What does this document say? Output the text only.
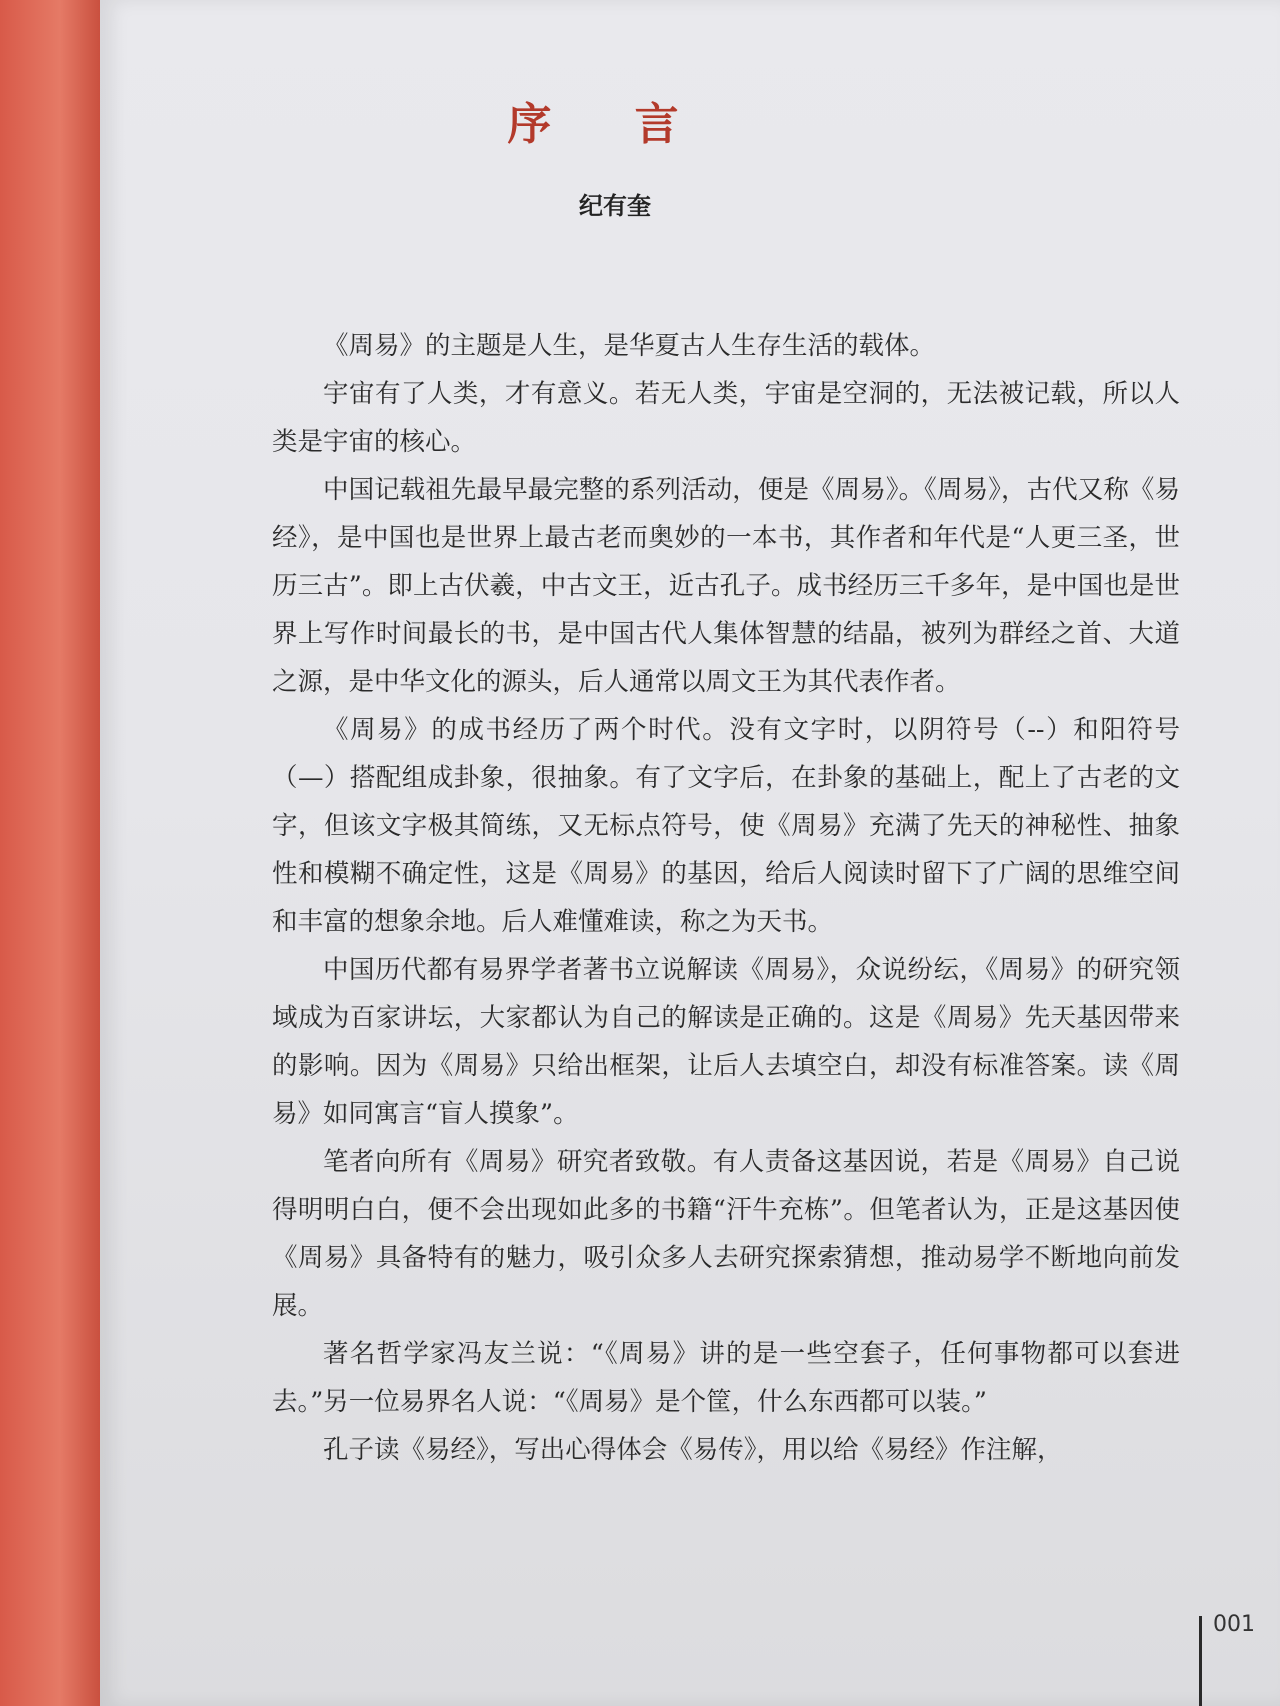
序 言
纪有奎

《周易》的主题是人生，是华夏古人生存生活的载体。

宇宙有了人类，才有意义。若无人类，宇宙是空洞的，无法被记载，所以人类是宇宙的核心。

中国记载祖先最早最完整的系列活动，便是《周易》。《周易》，古代又称《易经》，是中国也是世界上最古老而奥妙的一本书，其作者和年代是“人更三圣，世历三古”。即上古伏羲，中古文王，近古孔子。成书经历三千多年，是中国也是世界上写作时间最长的书，是中国古代人集体智慧的结晶，被列为群经之首、大道之源，是中华文化的源头，后人通常以周文王为其代表作者。

《周易》的成书经历了两个时代。没有文字时，以阴符号（--）和阳符号（—）搭配组成卦象，很抽象。有了文字后，在卦象的基础上，配上了古老的文字，但该文字极其简练，又无标点符号，使《周易》充满了先天的神秘性、抽象性和模糊不确定性，这是《周易》的基因，给后人阅读时留下了广阔的思维空间和丰富的想象余地。后人难懂难读，称之为天书。

中国历代都有易界学者著书立说解读《周易》，众说纷纭，《周易》的研究领域成为百家讲坛，大家都认为自己的解读是正确的。这是《周易》先天基因带来的影响。因为《周易》只给出框架，让后人去填空白，却没有标准答案。读《周易》如同寓言“盲人摸象”。

笔者向所有《周易》研究者致敬。有人责备这基因说，若是《周易》自己说得明明白白，便不会出现如此多的书籍“汗牛充栋”。但笔者认为，正是这基因使《周易》具备特有的魅力，吸引众多人去研究探索猜想，推动易学不断地向前发展。

著名哲学家冯友兰说：“《周易》讲的是一些空套子，任何事物都可以套进去。”另一位易界名人说：“《周易》是个筐，什么东西都可以装。”

孔子读《易经》，写出心得体会《易传》，用以给《易经》作注解，

001
